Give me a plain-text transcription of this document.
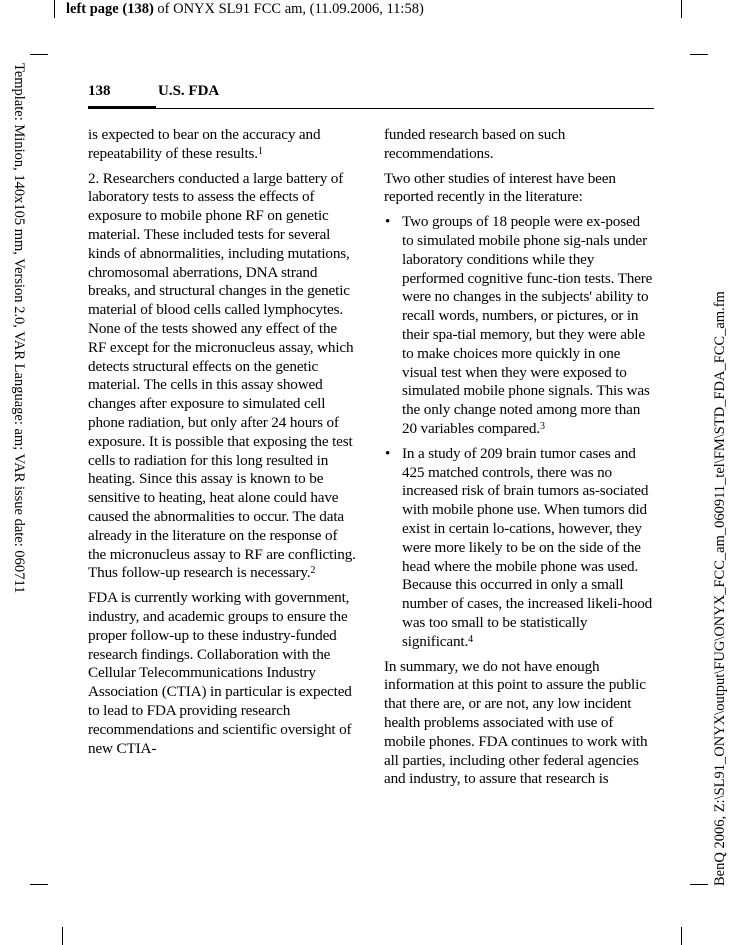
left page (138) of ONYX SL91 FCC am, (11.09.2006, 11:58)
Template: Minion, 140x105 mm, Version 2.0, VAR Language: am; VAR issue date: 060711	BenQ 2006, Z:\SL91_ONYX\output\FUG\ONYX_FCC_am_060911_tel\FM\STD_FDA_FCC_am.fm
138	U.S. FDA

is expected to bear on the accuracy and repeatability of these results.$^1$

2. Researchers conducted a large battery of laboratory tests to assess the effects of exposure to mobile phone RF on genetic material. These included tests for several kinds of abnormalities, including mutations, chromosomal aberrations, DNA strand breaks, and structural changes in the genetic material of blood cells called lymphocytes. None of the tests showed any effect of the RF except for the micronucleus assay, which detects structural effects on the genetic material. The cells in this assay showed changes after exposure to simulated cell phone radiation, but only after 24 hours of exposure. It is possible that exposing the test cells to radiation for this long resulted in heating. Since this assay is known to be sensitive to heating, heat alone could have caused the abnormalities to occur. The data already in the literature on the response of the micronucleus assay to RF are conflicting. Thus follow-up research is necessary.$^2$

FDA is currently working with government, industry, and academic groups to ensure the proper follow-up to these industry-funded research findings. Collaboration with the Cellular Telecommunications Industry Association (CTIA) in particular is expected to lead to FDA providing research recommendations and scientific oversight of new CTIA-

funded research based on such recommendations.

Two other studies of interest have been reported recently in the literature:

• Two groups of 18 people were ex-posed to simulated mobile phone sig-nals under laboratory conditions while they performed cognitive func-tion tests. There were no changes in the subjects' ability to recall words, numbers, or pictures, or in their spa-tial memory, but they were able to make choices more quickly in one visual test when they were exposed to simulated mobile phone signals. This was the only change noted among more than 20 variables compared.$^3$
• In a study of 209 brain tumor cases and 425 matched controls, there was no increased risk of brain tumors as-sociated with mobile phone use. When tumors did exist in certain lo-cations, however, they were more likely to be on the side of the head where the mobile phone was used. Because this occurred in only a small number of cases, the increased likeli-hood was too small to be statistically significant.$^4$

In summary, we do not have enough information at this point to assure the public that there are, or are not, any low incident health problems associated with use of mobile phones. FDA continues to work with all parties, including other federal agencies and industry, to assure that research is
